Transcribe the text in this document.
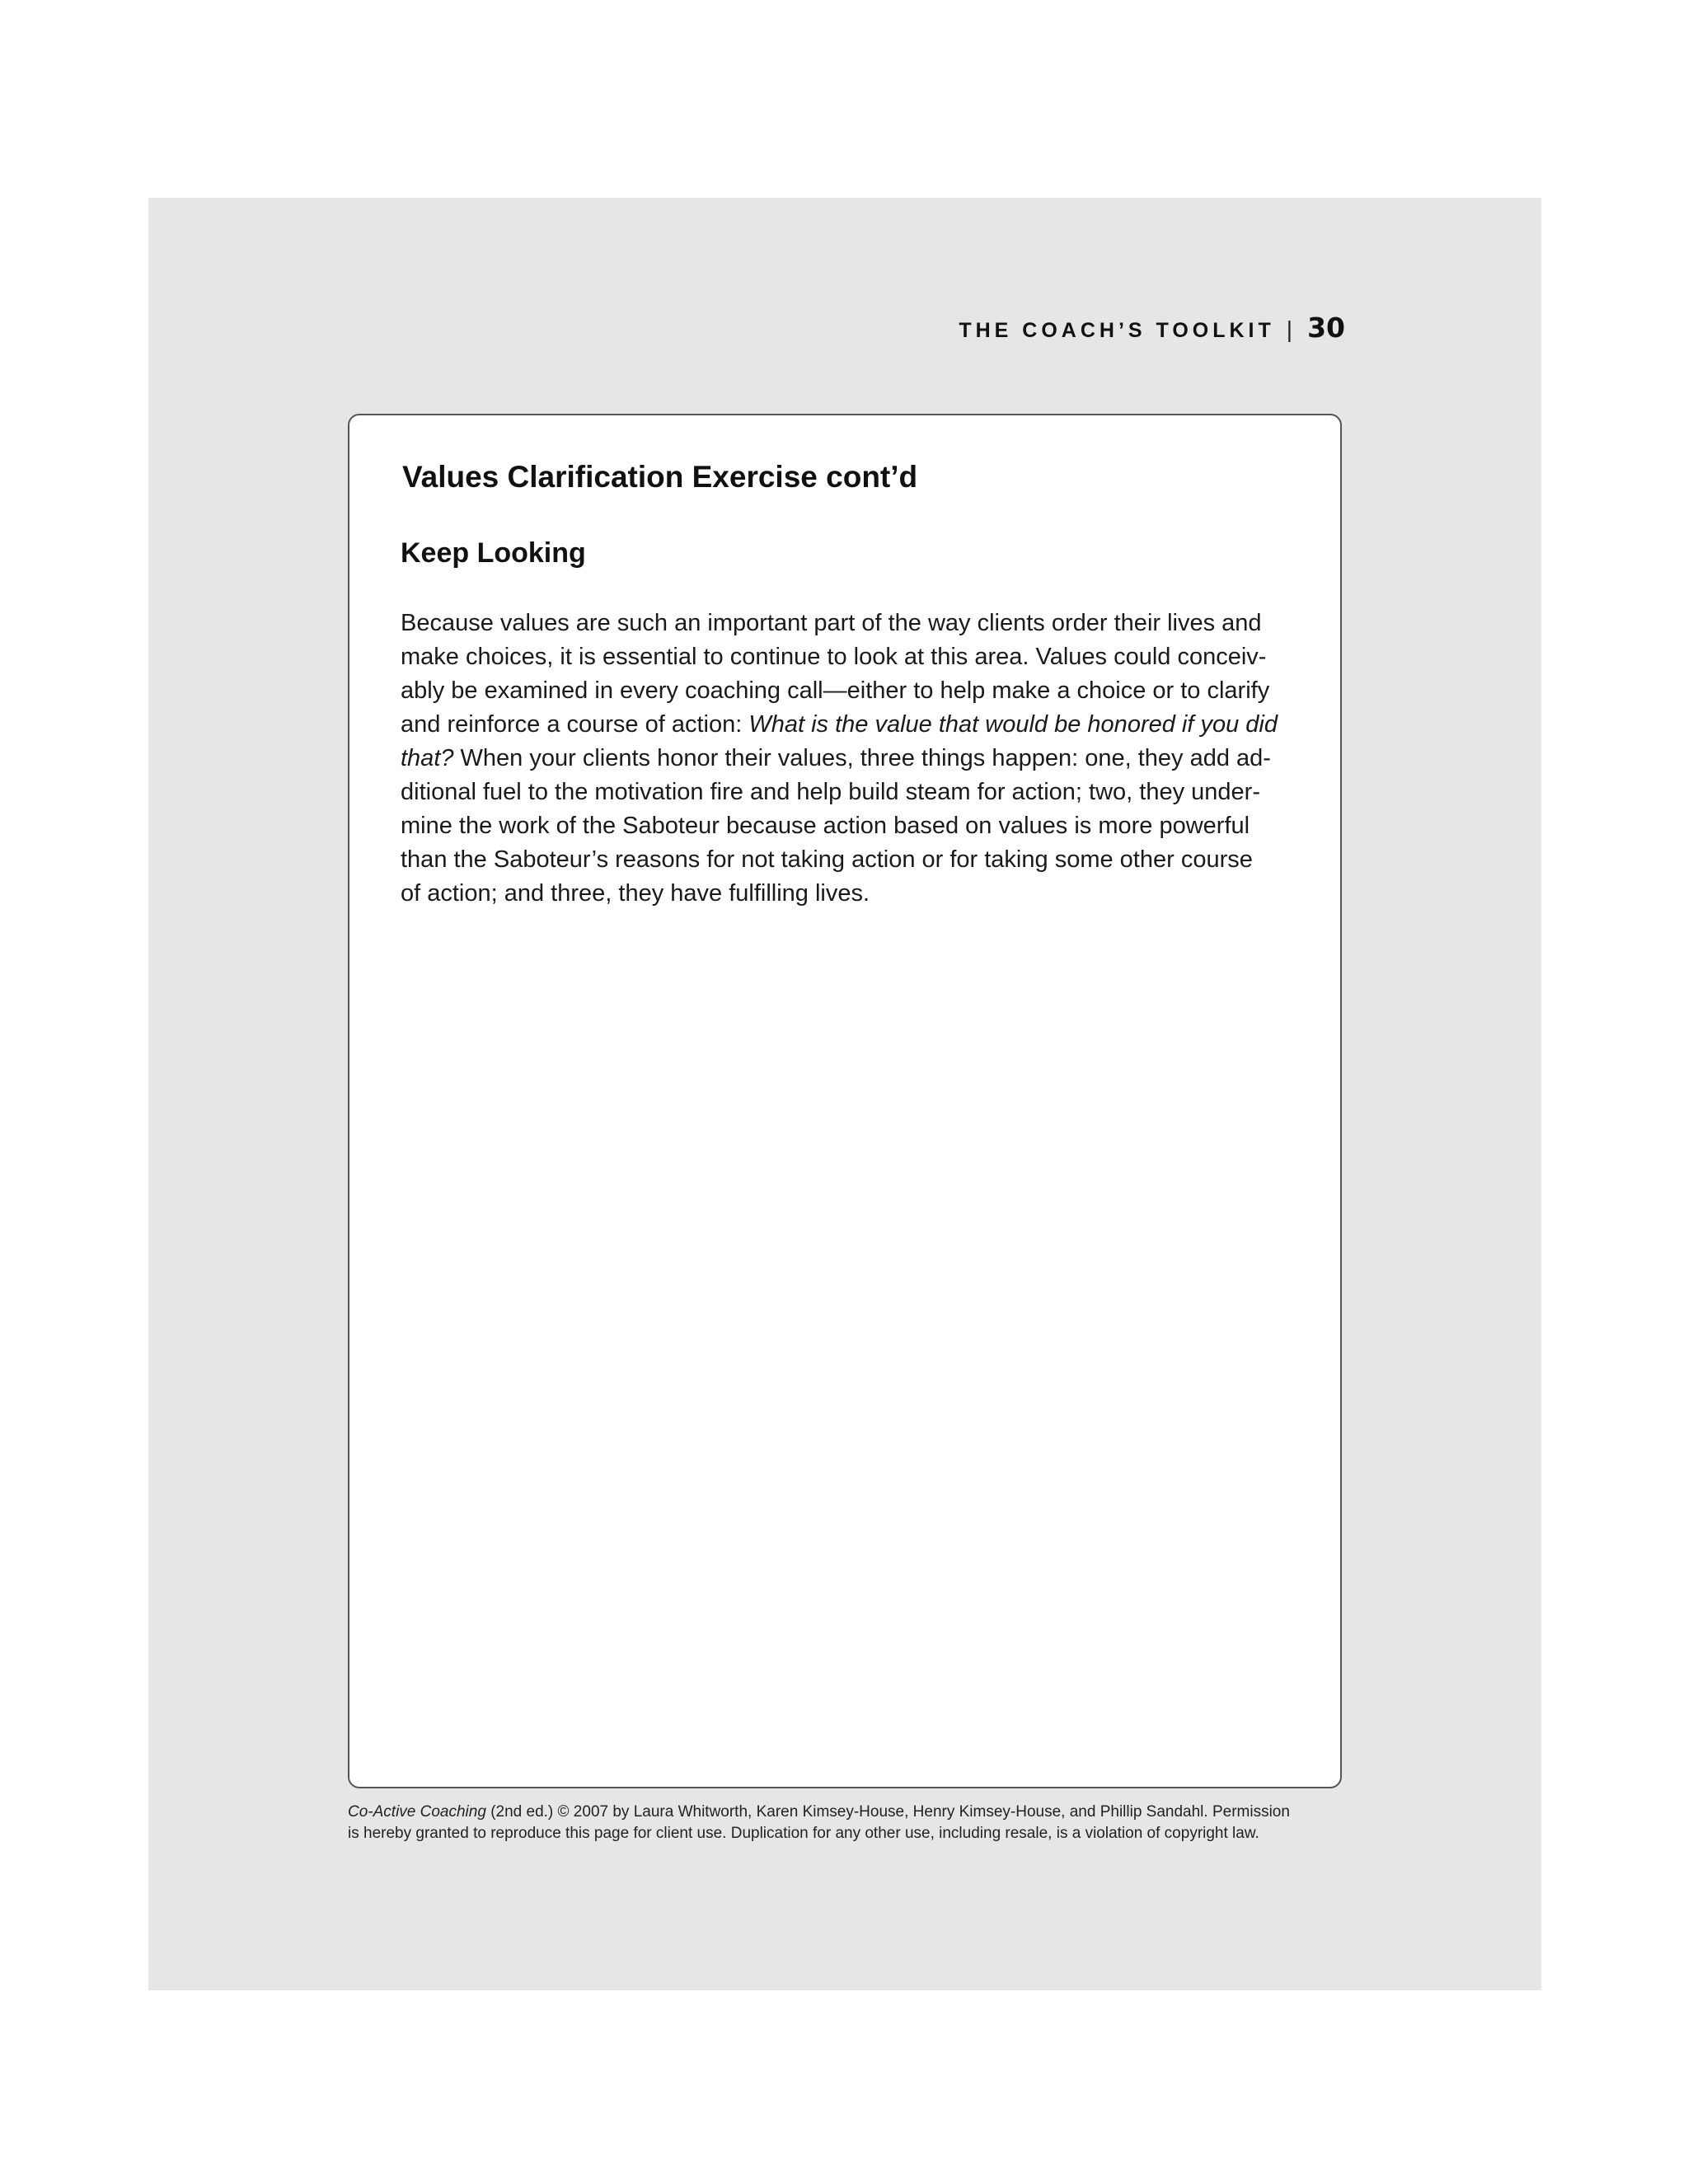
THE COACH’S TOOLKIT | 30
Values Clarification Exercise cont’d
Keep Looking

Because values are such an important part of the way clients order their lives and
make choices, it is essential to continue to look at this area. Values could conceiv-
ably be examined in every coaching call—either to help make a choice or to clarify
and reinforce a course of action: What is the value that would be honored if you did
that? When your clients honor their values, three things happen: one, they add ad-
ditional fuel to the motivation fire and help build steam for action; two, they under-
mine the work of the Saboteur because action based on values is more powerful
than the Saboteur’s reasons for not taking action or for taking some other course
of action; and three, they have fulfilling lives.

Co-Active Coaching (2nd ed.) © 2007 by Laura Whitworth, Karen Kimsey-House, Henry Kimsey-House, and Phillip Sandahl. Permission
is hereby granted to reproduce this page for client use. Duplication for any other use, including resale, is a violation of copyright law.
